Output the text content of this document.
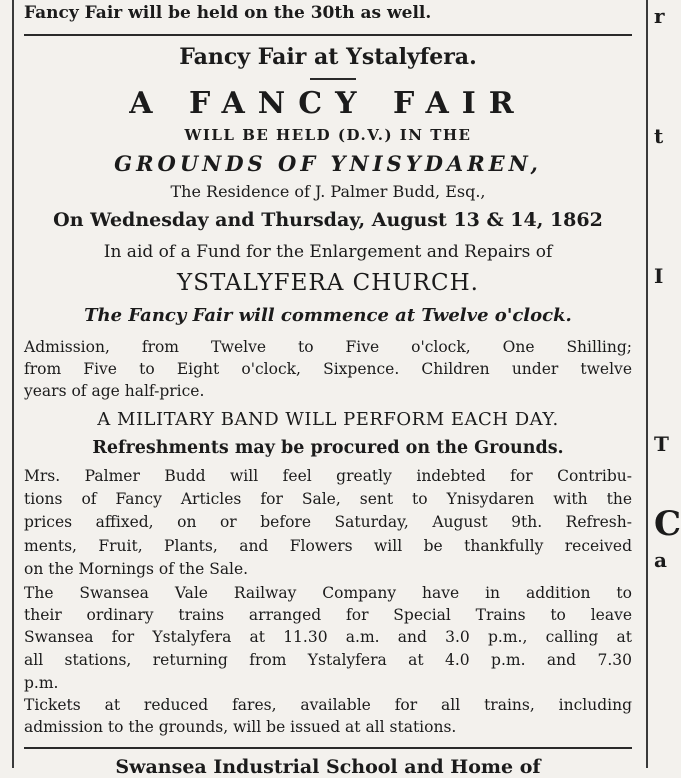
Fancy Fair will be held on the 30th as well.
Fancy Fair at Ystalyfera.
A FANCY FAIR
WILL BE HELD (D.V.) IN THE
GROUNDS OF YNISYDAREN,
The Residence of J. Palmer Budd, Esq.,
On Wednesday and Thursday, August 13 & 14, 1862
In aid of a Fund for the Enlargement and Repairs of
YSTALYFERA CHURCH.
The Fancy Fair will commence at Twelve o'clock.
Admission, from Twelve to Five o'clock, One Shilling;
from Five to Eight o'clock, Sixpence. Children under twelve
years of age half-price.
A MILITARY BAND WILL PERFORM EACH DAY.
Refreshments may be procured on the Grounds.
Mrs. Palmer Budd will feel greatly indebted for Contribu-
tions of Fancy Articles for Sale, sent to Ynisydaren with the
prices affixed, on or before Saturday, August 9th. Refresh-
ments, Fruit, Plants, and Flowers will be thankfully received
on the Mornings of the Sale.
The Swansea Vale Railway Company have in addition to
their ordinary trains arranged for Special Trains to leave
Swansea for Ystalyfera at 11.30 a.m. and 3.0 p.m., calling at
all stations, returning from Ystalyfera at 4.0 p.m. and 7.30
p.m.
Tickets at reduced fares, available for all trains, including
admission to the grounds, will be issued at all stations.
Swansea Industrial School and Home of
r
t
I
T
C
a
